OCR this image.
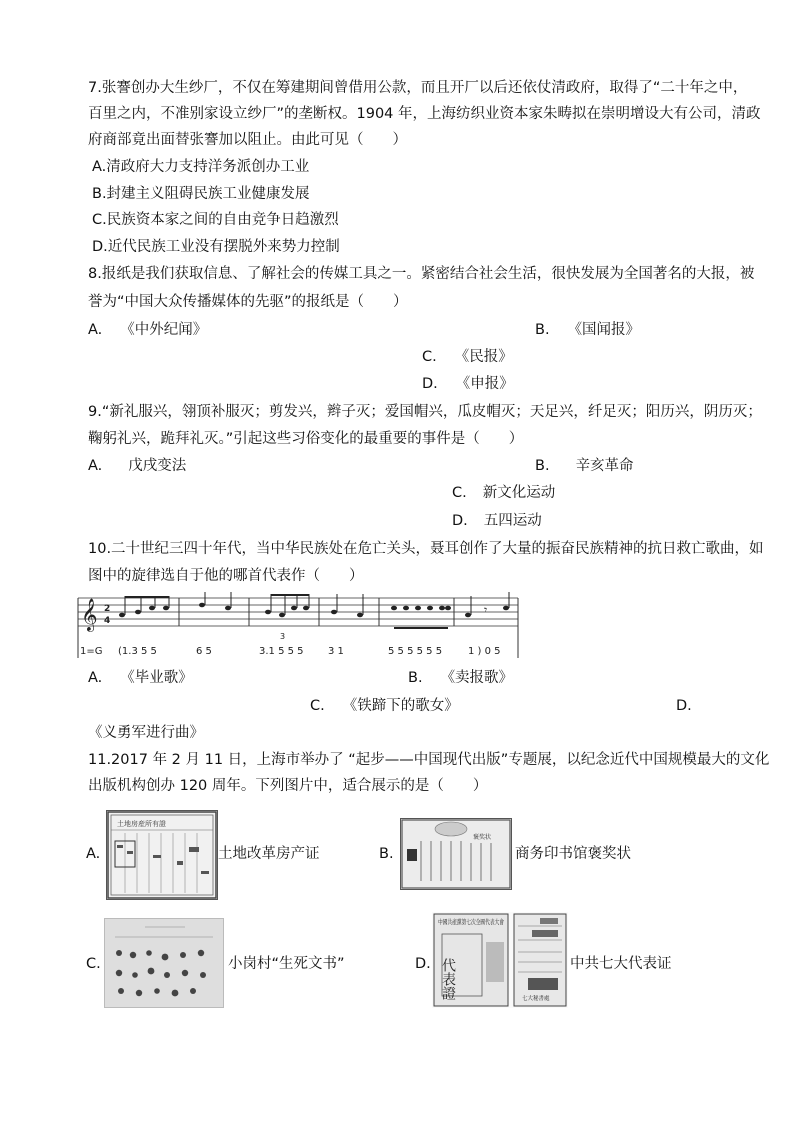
7.张謇创办大生纱厂，不仅在筹建期间曾借用公款，而且开厂以后还依仗清政府，取得了“二十年之中，
百里之内，不准别家设立纱厂”的垄断权。1904 年，上海纺织业资本家朱畴拟在崇明增设大有公司，清政
府商部竟出面替张謇加以阻止。由此可见（　　）
A.清政府大力支持洋务派创办工业
B.封建主义阻碍民族工业健康发展
C.民族资本家之间的自由竞争日趋激烈
D.近代民族工业没有摆脱外来势力控制
8.报纸是我们获取信息、了解社会的传媒工具之一。紧密结合社会生活，很快发展为全国著名的大报，被
誉为“中国大众传播媒体的先驱”的报纸是（　　）
A. 《中外纪闻》	B. 《国闻报》
C. 《民报》
D. 《申报》
9.“新礼服兴，翎顶补服灭；剪发兴，辫子灭；爱国帽兴，瓜皮帽灭；天足兴，纤足灭；阳历兴，阴历灭；
鞠躬礼兴，跪拜礼灭。”引起这些习俗变化的最重要的事件是（　　）
A. 戊戌变法	B. 辛亥革命
C. 新文化运动
D. 五四运动
10.二十世纪三四十年代，当中华民族处在危亡关头，聂耳创作了大量的振奋民族精神的抗日救亡歌曲，如
图中的旋律选自于他的哪首代表作（　　）
𝄞 2
4
𝄾
1=G (1.3 5 5	6 5	3.1 5 5 5 3 1	5 5 5 5 5 5	1 ) 0 5
3
A. 《毕业歌》	B. 《卖报歌》
C. 《铁蹄下的歌女》	D.
《义勇军进行曲》
11.2017 年 2 月 11 日，上海市举办了 “起步——中国现代出版”专题展，以纪念近代中国规模最大的文化
出版机构创办 120 周年。下列图片中，适合展示的是（　　）
A.
土地房産所有證
土地改革房产证	B.
褒奖状
商务印书馆褒奖状
C.	小岗村“生死文书”	D.
中國共產黨第七次全國代表大會
代表證	七大秘書處
中共七大代表证
